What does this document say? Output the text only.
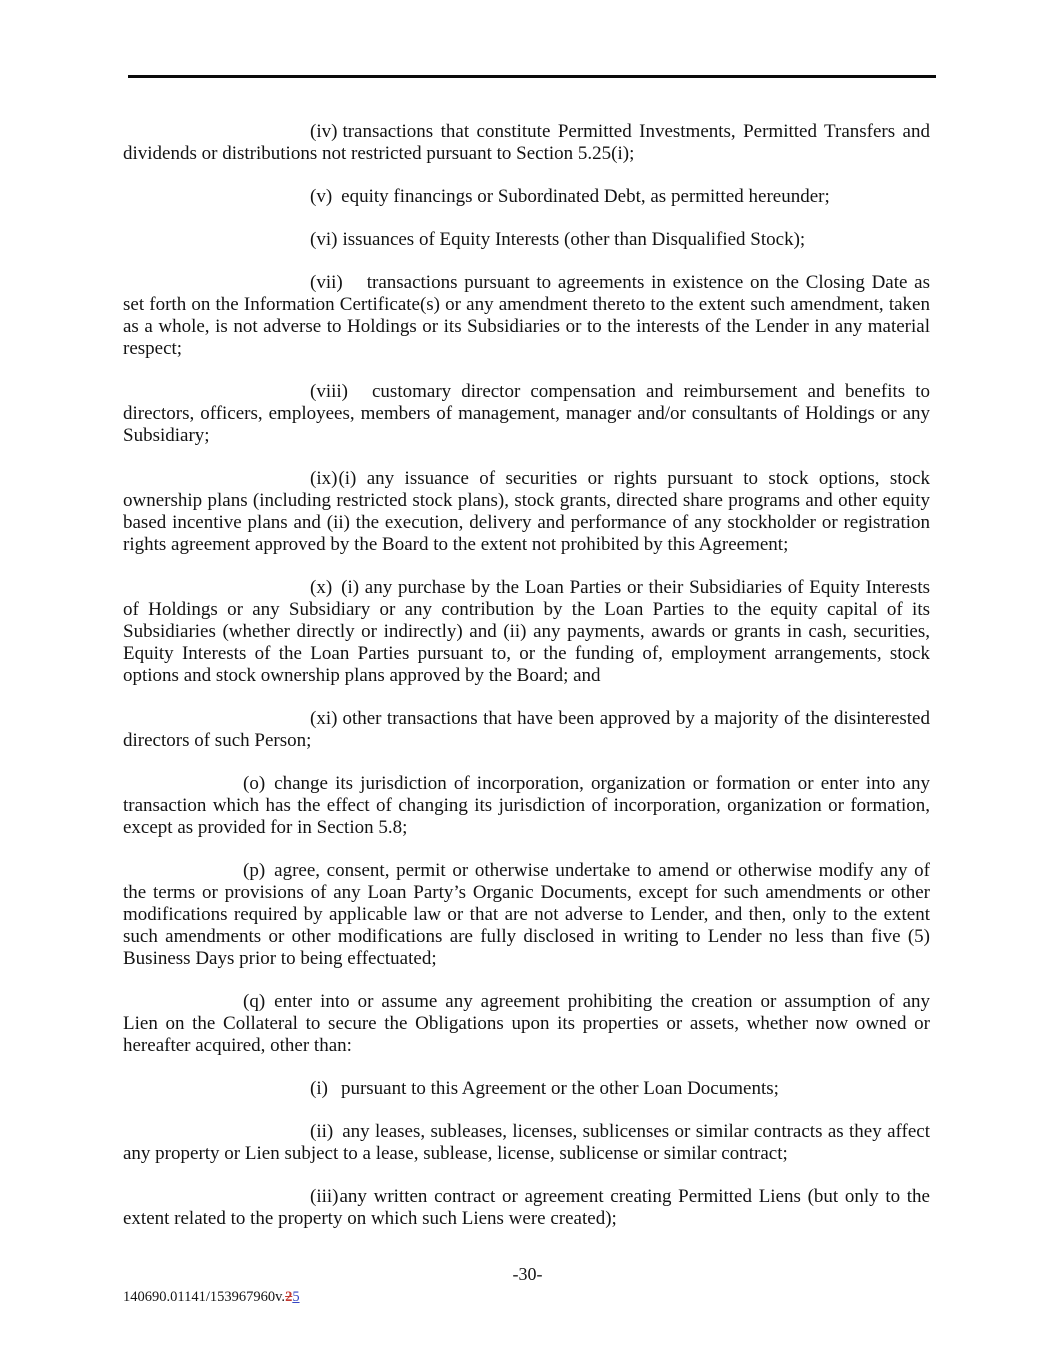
(iv) transactions that constitute Permitted Investments, Permitted Transfers and dividends or distributions not restricted pursuant to Section 5.25(i);

(v) equity financings or Subordinated Debt, as permitted hereunder;

(vi) issuances of Equity Interests (other than Disqualified Stock);

(vii) transactions pursuant to agreements in existence on the Closing Date as set forth on the Information Certificate(s) or any amendment thereto to the extent such amendment, taken as a whole, is not adverse to Holdings or its Subsidiaries or to the interests of the Lender in any material respect;

(viii) customary director compensation and reimbursement and benefits to directors, officers, employees, members of management, manager and/or consultants of Holdings or any Subsidiary;

(ix)(i) any issuance of securities or rights pursuant to stock options, stock ownership plans (including restricted stock plans), stock grants, directed share programs and other equity based incentive plans and (ii) the execution, delivery and performance of any stockholder or registration rights agreement approved by the Board to the extent not prohibited by this Agreement;

(x) (i) any purchase by the Loan Parties or their Subsidiaries of Equity Interests of Holdings or any Subsidiary or any contribution by the Loan Parties to the equity capital of its Subsidiaries (whether directly or indirectly) and (ii) any payments, awards or grants in cash, securities, Equity Interests of the Loan Parties pursuant to, or the funding of, employment arrangements, stock options and stock ownership plans approved by the Board; and

(xi) other transactions that have been approved by a majority of the disinterested directors of such Person;

(o) change its jurisdiction of incorporation, organization or formation or enter into any transaction which has the effect of changing its jurisdiction of incorporation, organization or formation, except as provided for in Section 5.8;

(p) agree, consent, permit or otherwise undertake to amend or otherwise modify any of the terms or provisions of any Loan Party’s Organic Documents, except for such amendments or other modifications required by applicable law or that are not adverse to Lender, and then, only to the extent such amendments or other modifications are fully disclosed in writing to Lender no less than five (5) Business Days prior to being effectuated;

(q) enter into or assume any agreement prohibiting the creation or assumption of any Lien on the Collateral to secure the Obligations upon its properties or assets, whether now owned or hereafter acquired, other than:

(i) pursuant to this Agreement or the other Loan Documents;

(ii) any leases, subleases, licenses, sublicenses or similar contracts as they affect any property or Lien subject to a lease, sublease, license, sublicense or similar contract;

(iii)any written contract or agreement creating Permitted Liens (but only to the extent related to the property on which such Liens were created);

-30-
140690.01141/153967960v.25
